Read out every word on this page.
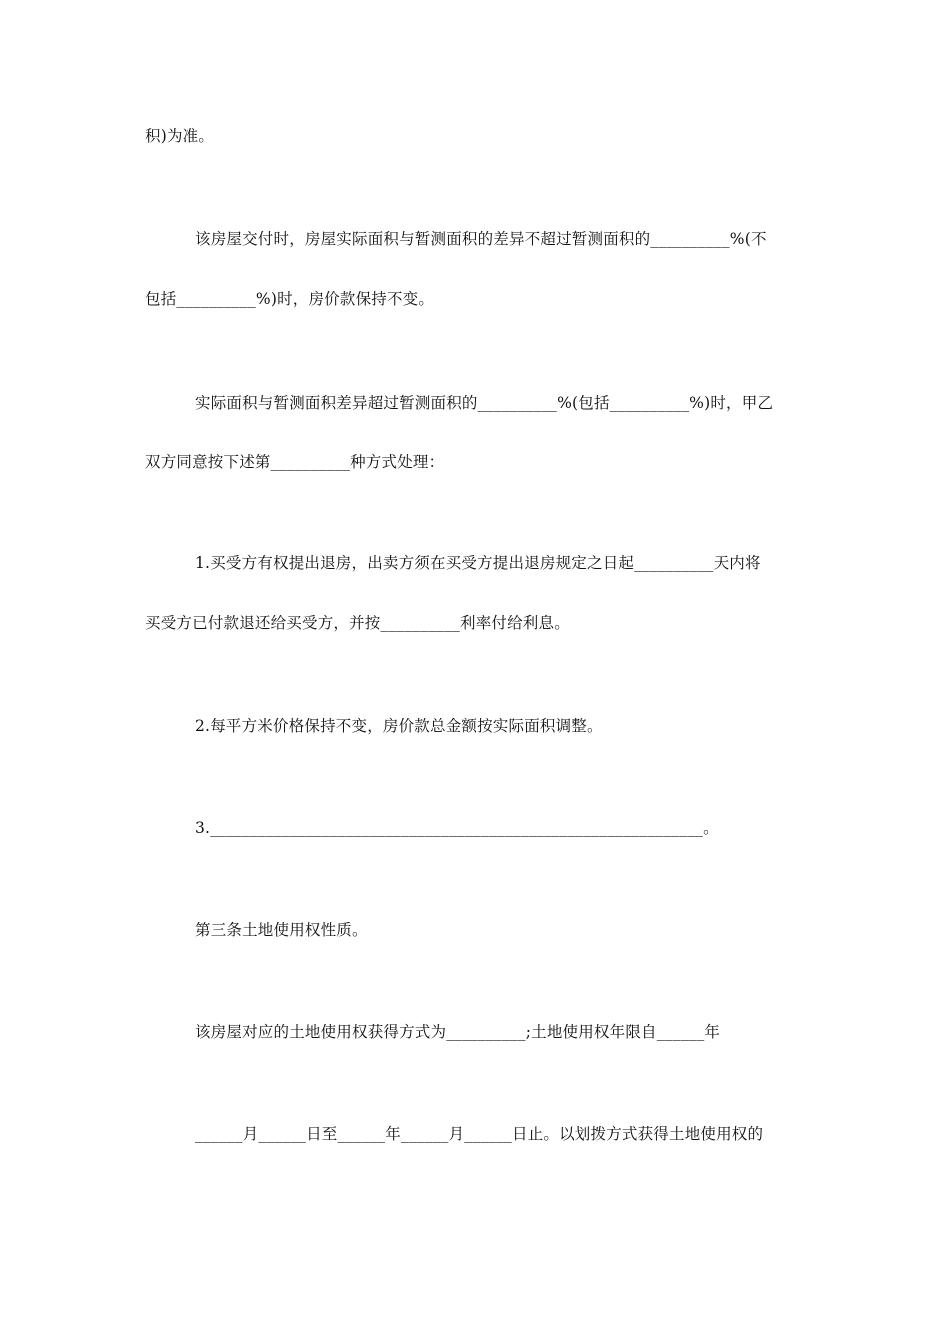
积)为准。
该房屋交付时，房屋实际面积与暂测面积的差异不超过暂测面积的__________%(不
包括__________%)时，房价款保持不变。
实际面积与暂测面积差异超过暂测面积的__________%(包括__________%)时，甲乙
双方同意按下述第__________种方式处理：
1.买受方有权提出退房，出卖方须在买受方提出退房规定之日起__________天内将
买受方已付款退还给买受方，并按__________利率付给利息。
2.每平方米价格保持不变，房价款总金额按实际面积调整。
3.______________________________________________________________。
第三条土地使用权性质。
该房屋对应的土地使用权获得方式为__________;土地使用权年限自______年
______月______日至______年______月______日止。以划拨方式获得土地使用权的
